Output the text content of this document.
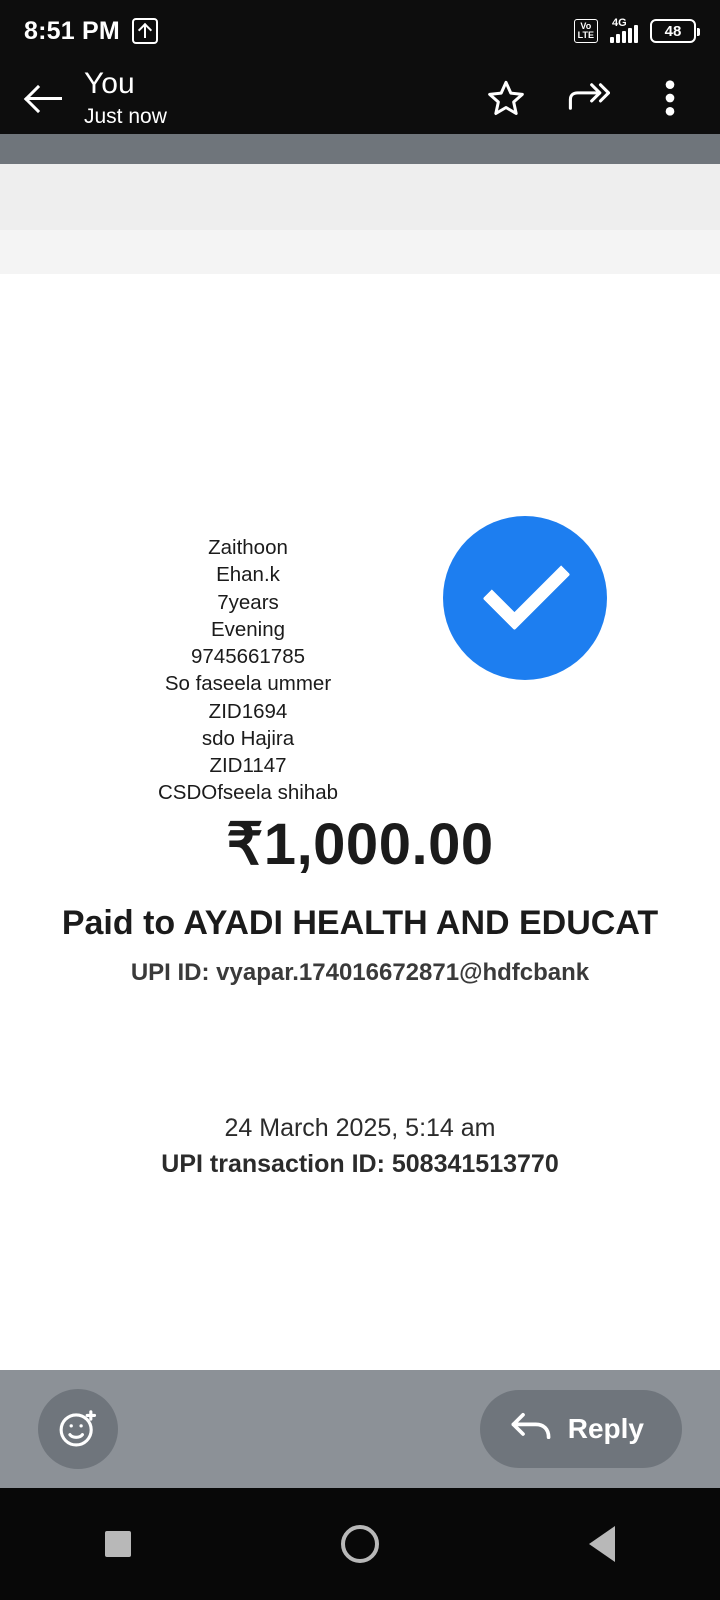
8:51 PM	Vo
LTE
4G	48
You
Just now
Zaithoon
Ehan.k
7years
Evening
9745661785
So faseela ummer
ZID1694
sdo Hajira
ZID1147
CSDOfseela shihab
₹1,000.00
Paid to AYADI HEALTH AND EDUCAT
UPI ID: vyapar.174016672871@hdfcbank
24 March 2025, 5:14 am
UPI transaction ID: 508341513770
Reply
